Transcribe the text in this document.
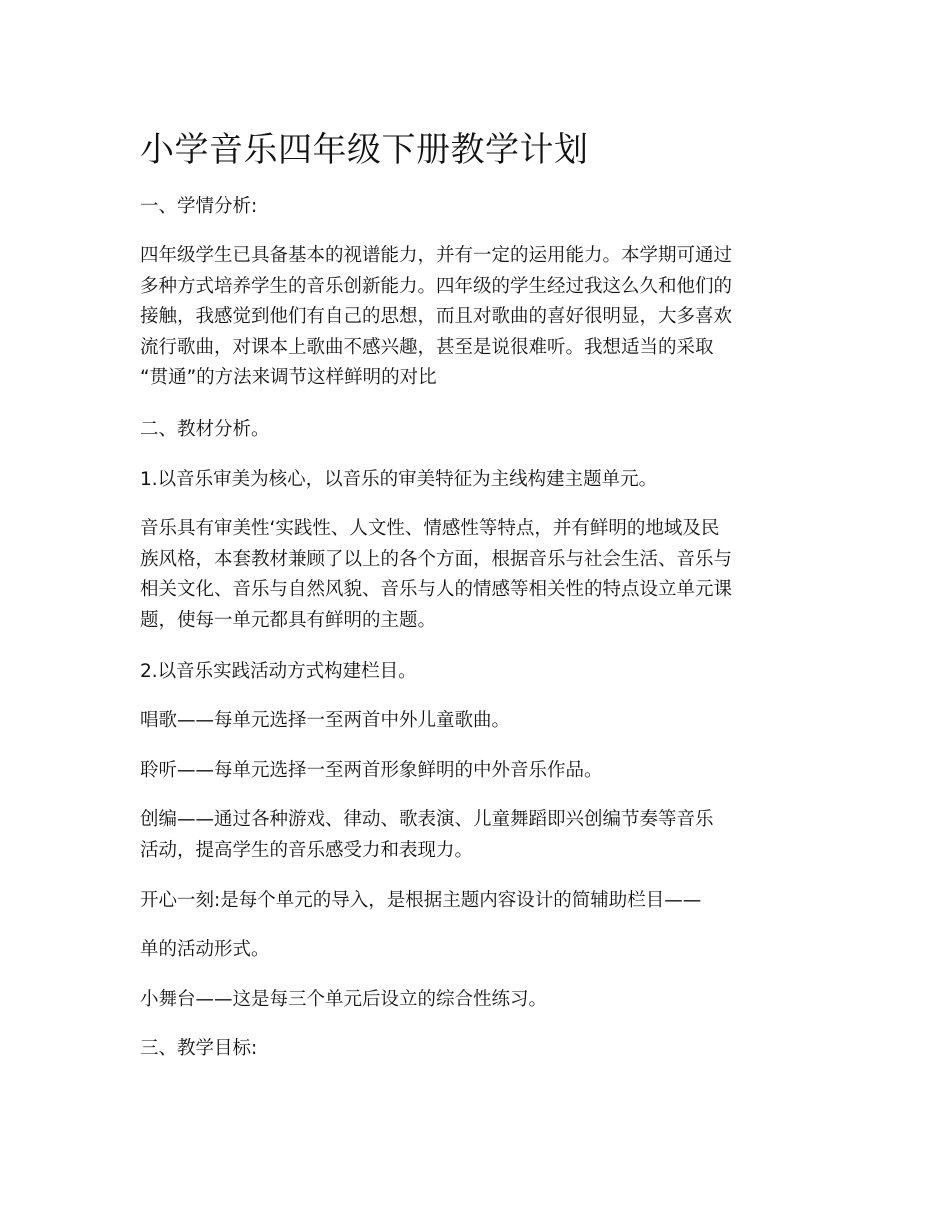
小学音乐四年级下册教学计划

一、学情分析:

四年级学生已具备基本的视谱能力，并有一定的运用能力。本学期可通过
多种方式培养学生的音乐创新能力。四年级的学生经过我这么久和他们的
接触，我感觉到他们有自己的思想，而且对歌曲的喜好很明显，大多喜欢
流行歌曲，对课本上歌曲不感兴趣，甚至是说很难听。我想适当的采取
“贯通”的方法来调节这样鲜明的对比

二、教材分析。

1.以音乐审美为核心，以音乐的审美特征为主线构建主题单元。

音乐具有审美性‘实践性、人文性、情感性等特点，并有鲜明的地域及民
族风格，本套教材兼顾了以上的各个方面，根据音乐与社会生活、音乐与
相关文化、音乐与自然风貌、音乐与人的情感等相关性的特点设立单元课
题，使每一单元都具有鲜明的主题。

2.以音乐实践活动方式构建栏目。

唱歌——每单元选择一至两首中外儿童歌曲。

聆听——每单元选择一至两首形象鲜明的中外音乐作品。

创编——通过各种游戏、律动、歌表演、儿童舞蹈即兴创编节奏等音乐
活动，提高学生的音乐感受力和表现力。

开心一刻:是每个单元的导入，是根据主题内容设计的简辅助栏目——

单的活动形式。

小舞台——这是每三个单元后设立的综合性练习。

三、教学目标:
